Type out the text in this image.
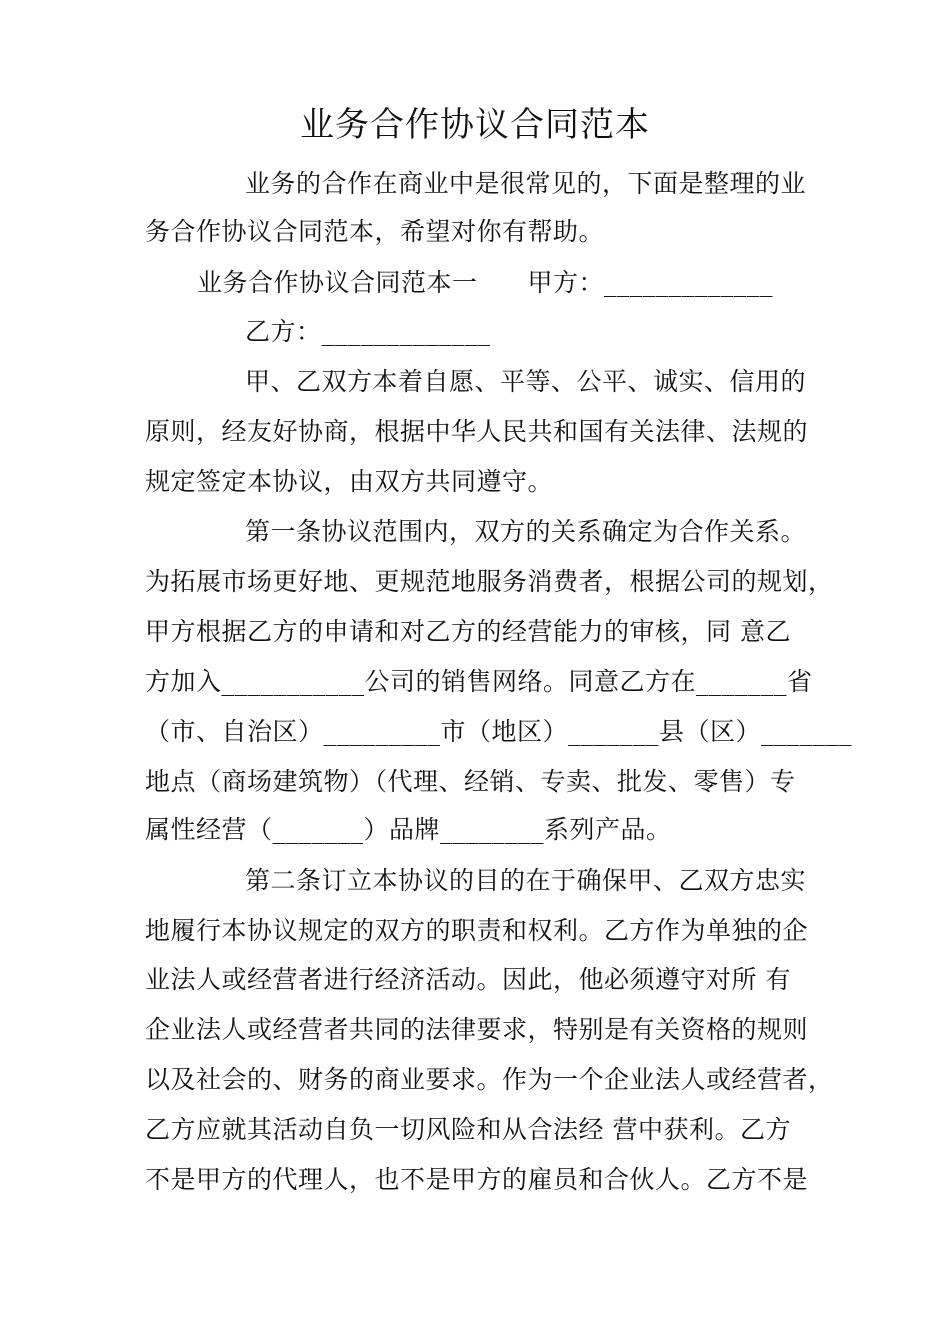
业务合作协议合同范本
业务的合作在商业中是很常见的，下面是整理的业
务合作协议合同范本，希望对你有帮助。
业务合作协议合同范本一 甲方：_____________
乙方：_____________
甲、乙双方本着自愿、平等、公平、诚实、信用的
原则，经友好协商，根据中华人民共和国有关法律、法规的
规定签定本协议，由双方共同遵守。
第一条协议范围内，双方的关系确定为合作关系。
为拓展市场更好地、更规范地服务消费者，根据公司的规划，
甲方根据乙方的申请和对乙方的经营能力的审核，同 意乙
方加入___________公司的销售网络。同意乙方在_______省
（市、自治区）_________市（地区）_______县（区）_______
地点（商场建筑物）（代理、经销、专卖、批发、零售）专
属性经营（_______）品牌________系列产品。
第二条订立本协议的目的在于确保甲、乙双方忠实
地履行本协议规定的双方的职责和权利。乙方作为单独的企
业法人或经营者进行经济活动。因此，他必须遵守对所 有
企业法人或经营者共同的法律要求，特别是有关资格的规则
以及社会的、财务的商业要求。作为一个企业法人或经营者，
乙方应就其活动自负一切风险和从合法经 营中获利。乙方
不是甲方的代理人，也不是甲方的雇员和合伙人。乙方不是
